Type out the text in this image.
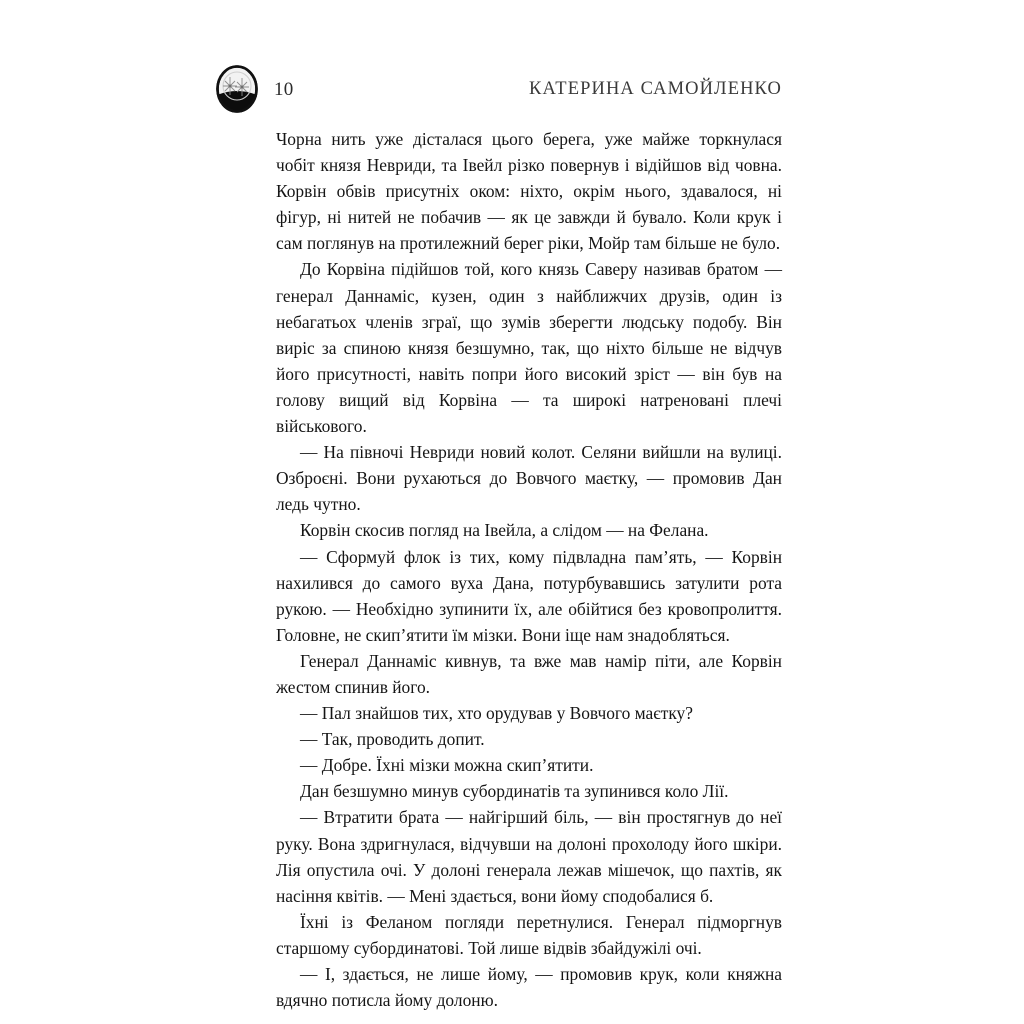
10	КАТЕРИНА САМОЙЛЕНКО

Чорна нить уже дісталася цього берега, уже майже торкнулася чобіт князя Невриди, та Івейл різко повернув і відійшов від човна. Корвін обвів присутніх оком: ніхто, окрім нього, здавалося, ні фігур, ні нитей не побачив — як це завжди й бувало. Коли крук і сам поглянув на протилежний берег ріки, Мойр там більше не було.

До Корвіна підійшов той, кого князь Саверу називав братом — генерал Даннаміс, кузен, один з найближчих друзів, один із небагатьох членів зграї, що зумів зберегти людську подобу. Він виріс за спиною князя безшумно, так, що ніхто більше не відчув його присутності, навіть попри його високий зріст — він був на голову вищий від Корвіна — та широкі натреновані плечі військового.

— На півночі Невриди новий колот. Селяни вийшли на вулиці. Озброєні. Вони рухаються до Вовчого маєтку, — промовив Дан ледь чутно.

Корвін скосив погляд на Івейла, а слідом — на Фелана.

— Сформуй флок із тих, кому підвладна пам’ять, — Корвін нахилився до самого вуха Дана, потурбувавшись затулити рота рукою. — Необхідно зупинити їх, але обійтися без кровопролиття. Головне, не скип’ятити їм мізки. Вони іще нам знадобляться.

Генерал Даннаміс кивнув, та вже мав намір піти, але Корвін жестом спинив його.

— Пал знайшов тих, хто орудував у Вовчого маєтку?

— Так, проводить допит.

— Добре. Їхні мізки можна скип’ятити.

Дан безшумно минув субординатів та зупинився коло Лії.

— Втратити брата — найгірший біль, — він простягнув до неї руку. Вона здригнулася, відчувши на долоні прохолоду його шкіри. Лія опустила очі. У долоні генерала лежав мішечок, що пахтів, як насіння квітів. — Мені здається, вони йому сподобалися б.

Їхні із Феланом погляди перетнулися. Генерал підморгнув старшому субординатові. Той лише відвів збайдужілі очі.

— І, здається, не лише йому, — промовив крук, коли княжна вдячно потисла йому долоню.
